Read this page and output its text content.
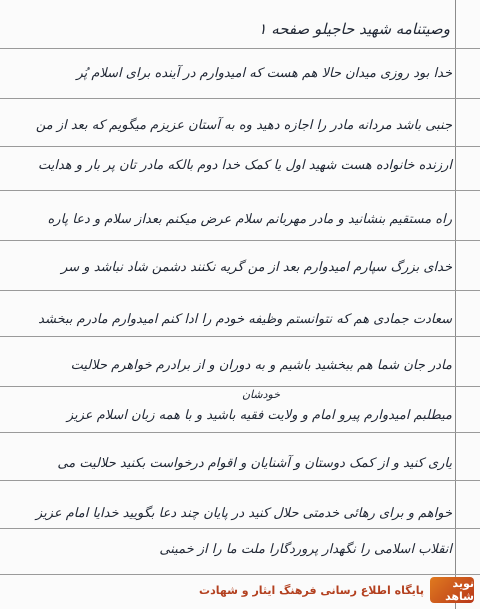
وصیتنامه شهید حاجیلو صفحه ۱
خدا بود روزی میدان حالا هم هست که امیدوارم در آینده برای اسلام پُر
جنبی باشد مردانه مادر را اجازه دهید وه به آستان عزیزم میگویم که بعد از من
ارزنده خانواده هست شهید اول یا کمک خدا دوم بالکه مادر تان پر بار و هدایت
راه مستقیم بنشانید و مادر مهربانم سلام عرض میکنم بعداز سلام و دعا پاره
خدای بزرگ سپارم امیدوارم بعد از من گریه نکنند دشمن شاد نباشد و سر
سعادت جمادی هم که نتوانستم وظیفه خودم را ادا کنم امیدوارم مادرم ببخشد
مادر جان شما هم ببخشید باشیم و به دوران و از برادرم خواهرم حلالیت
خودشان
میطلبم امیدوارم پیرو امام و ولایت فقیه باشید و با همه زبان اسلام عزیز
یاری کنید و از کمک دوستان و آشنایان و اقوام درخواست بکنید حلالیت می
خواهم و برای رهائی خدمتی حلال کنید در پایان چند دعا بگویید خدایا امام عزیز
انقلاب اسلامی را نگهدار پروردگارا ملت ما را از خمینی
نوید شاهد
پایگاه اطلاع رسانی فرهنگ ایثار و شهادت
